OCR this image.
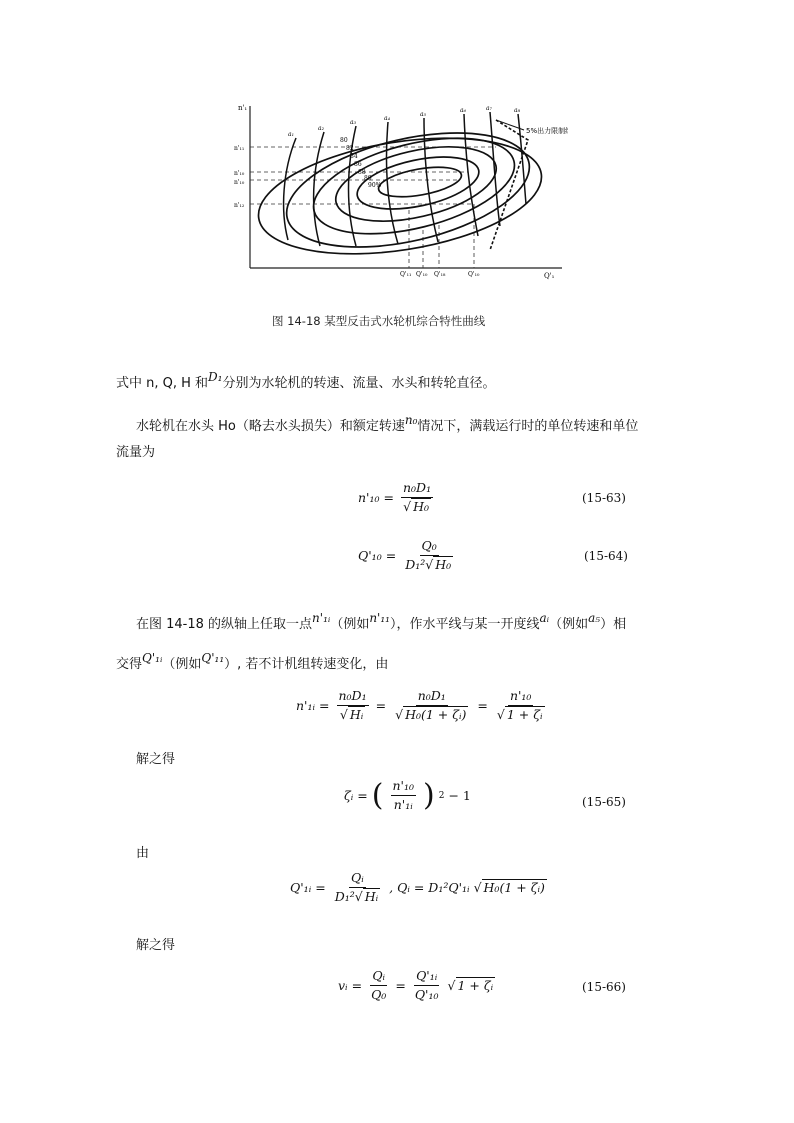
5%出力限制线
n'₁
Q'₁
n'₁₁
n'₁₀
n'₁₀
n'₁₂
Q'₁₁ Q'₁₀ Q'₁₈	Q'₁₀
a₁
a₂
a₃
a₄
a₅
a₆	a₇	a₈
80
82
84
86
88
89
90%
图 14-18 某型反击式水轮机综合特性曲线
式中 n, Q, H 和D₁分别为水轮机的转速、流量、水头和转轮直径。
水轮机在水头 Ho（略去水头损失）和额定转速n₀情况下，满载运行时的单位转速和单位
流量为
$n'_{10} = \frac{\text{n₀D₁}}{\text{√ H₀}}$	(15-63)
$Q'_{10} = \frac{\text{Q₀}}{\text{D₁²√ H₀}}$	(15-64)
在图 14-18 的纵轴上任取一点n'₁ᵢ（例如n'₁₁），作水平线与某一开度线aᵢ（例如a₅）相
交得Q'₁ᵢ（例如Q'₁₁）, 若不计机组转速变化，由
n'₁ᵢ = $\frac{\text{n₀D₁}}{\text{√ Hᵢ}} = \frac{\text{n₀D₁}}{\text{√ H₀(1 + ζᵢ)}} = \frac{\text{n'₁₀}}{\text{√ 1 + ζᵢ}}$
解之得
ζᵢ = ( $\frac{\text{n'₁₀}}{\text{n'₁ᵢ}}$ ) 2 − 1	(15-65)
由
Q'₁ᵢ = $\frac{\text{Qᵢ}}{\text{D₁²√ Hᵢ}}$ , Qᵢ = D₁²Q'₁ᵢ √ H₀(1 + ζᵢ)
解之得
vᵢ = $\frac{\text{Qᵢ}}{\text{Q₀}} = \frac{\text{Q'₁ᵢ}}{\text{Q'₁₀}}$ √ 1 + ζᵢ	(15-66)
